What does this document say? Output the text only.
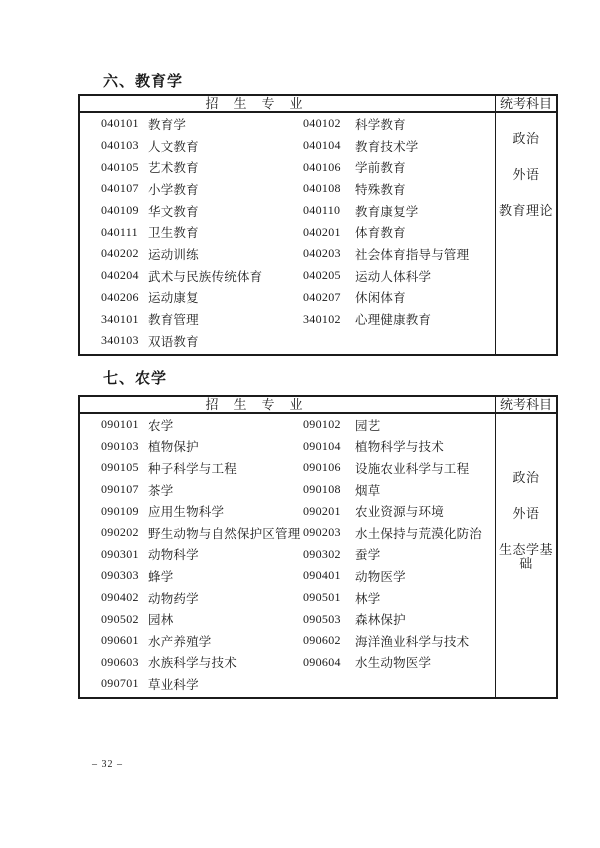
六、教育学
招　生　专　业	统考科目
040101 教育学	040102	科学教育
040103 人文教育	040104	教育技术学
040105 艺术教育	040106	学前教育
040107 小学教育	040108	特殊教育
040109 华文教育	040110	教育康复学
040111 卫生教育	040201	体育教育
040202 运动训练	040203	社会体育指导与管理
040204 武术与民族传统体育	040205	运动人体科学
040206 运动康复	040207	休闲体育
340101 教育管理	340102	心理健康教育
340103 双语教育
政治
外语
教育理论
七、农学
招　生　专　业	统考科目
090101 农学	090102	园艺
090103 植物保护	090104	植物科学与技术
090105 种子科学与工程	090106	设施农业科学与工程
090107 茶学	090108	烟草
090109 应用生物科学	090201	农业资源与环境
090202 野生动物与自然保护区管理 090203	水土保持与荒漠化防治
090301 动物科学	090302	蚕学
090303 蜂学	090401	动物医学
090402 动物药学	090501	林学
090502 园林	090503	森林保护
090601 水产养殖学	090602	海洋渔业科学与技术
090603 水族科学与技术	090604	水生动物医学
090701 草业科学
政治
外语
生态学基础
– 32 –
